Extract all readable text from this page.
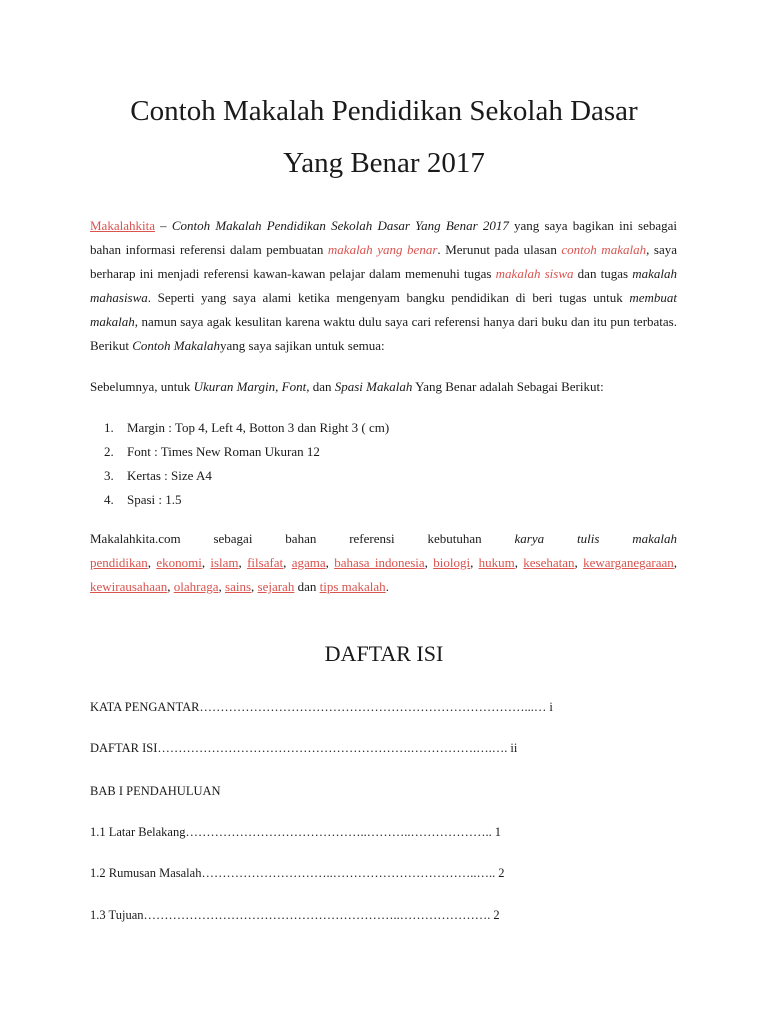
Contoh Makalah Pendidikan Sekolah Dasar
Yang Benar 2017

Makalahkita – Contoh Makalah Pendidikan Sekolah Dasar Yang Benar 2017 yang saya bagikan ini sebagai bahan informasi referensi dalam pembuatan makalah yang benar. Merunut pada ulasan contoh makalah, saya berharap ini menjadi referensi kawan-kawan pelajar dalam memenuhi tugas makalah siswa dan tugas makalah mahasiswa. Seperti yang saya alami ketika mengenyam bangku pendidikan di beri tugas untuk membuat makalah, namun saya agak kesulitan karena waktu dulu saya cari referensi hanya dari buku dan itu pun terbatas. Berikut Contoh Makalahyang saya sajikan untuk semua:

Sebelumnya, untuk Ukuran Margin, Font, dan Spasi Makalah Yang Benar adalah Sebagai Berikut:

1. Margin : Top 4, Left 4, Botton 3 dan Right 3 ( cm)
2. Font : Times New Roman Ukuran 12
3. Kertas : Size A4
4. Spasi : 1.5

Makalahkita.com sebagai bahan referensi kebutuhan karya tulis makalah
pendidikan, ekonomi, islam, filsafat, agama, bahasa indonesia, biologi, hukum, kesehatan, kewarganegaraan, kewirausahaan, olahraga, sains, sejarah dan tips makalah.

DAFTAR ISI
KATA PENGANTAR……………………………………………………………………...… i
DAFTAR ISI…………………………………………………….…………….….…. ii
BAB I PENDAHULUAN
1.1 Latar Belakang……………………………………..………..……………….. 1
1.2 Rumusan Masalah…………………………..……………………………..….. 2
1.3 Tujuan……………………………………………………..…………………. 2
